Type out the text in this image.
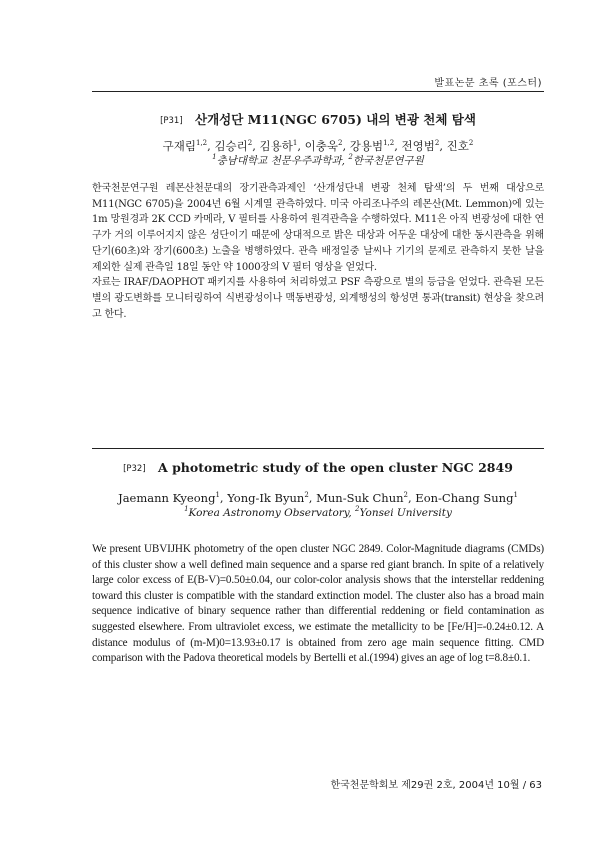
발표논문 초록 (포스터)
[P31] 산개성단 M11(NGC 6705) 내의 변광 천체 탐색
구재림$^{1,2}$, 김승리$^2$, 김용하$^1$, 이충욱$^2$, 강용범$^{1,2}$, 전영범$^2$, 진호$^2$
$^1$충남대학교 천문우주과학과, $^2$한국천문연구원

한국천문연구원 레몬산천문대의 장기관측과제인 ‘산개성단내 변광 천체 탐색’의 두 번째 대상으로 M11(NGC 6705)을 2004년 6월 시계열 관측하였다. 미국 아리조나주의 레몬산(Mt. Lemmon)에 있는 1m 망원경과 2K CCD 카메라, V 필터를 사용하여 원격관측을 수행하였다. M11은 아직 변광성에 대한 연구가 거의 이루어지지 않은 성단이기 때문에 상대적으로 밝은 대상과 어두운 대상에 대한 동시관측을 위해 단기(60초)와 장기(600초) 노출을 병행하였다. 관측 배정일중 날씨나 기기의 문제로 관측하지 못한 날을 제외한 실제 관측일 18일 동안 약 1000장의 V 필터 영상을 얻었다.

자료는 IRAF/DAOPHOT 패키지를 사용하여 처리하였고 PSF 측광으로 별의 등급을 얻었다. 관측된 모든 별의 광도변화를 모니터링하여 식변광성이나 맥동변광성, 외계행성의 항성면 통과(transit) 현상을 찾으려고 한다.

[P32] A photometric study of the open cluster NGC 2849
Jaemann Kyeong$^1$, Yong-Ik Byun$^2$, Mun-Suk Chun$^2$, Eon-Chang Sung$^1$
$^1$Korea Astronomy Observatory, $^2$Yonsei University

We present UBVIJHK photometry of the open cluster NGC 2849. Color-Magnitude diagrams (CMDs) of this cluster show a well defined main sequence and a sparse red giant branch. In spite of a relatively large color excess of E(B-V)=0.50±0.04, our color-color analysis shows that the interstellar reddening toward this cluster is compatible with the standard extinction model. The cluster also has a broad main sequence indicative of binary sequence rather than differential reddening or field contamination as suggested elsewhere. From ultraviolet excess, we estimate the metallicity to be [Fe/H]=-0.24±0.12. A distance modulus of (m-M)0=13.93±0.17 is obtained from zero age main sequence fitting. CMD comparison with the Padova theoretical models by Bertelli et al.(1994) gives an age of log t=8.8±0.1.

한국천문학회보 제29권 2호, 2004년 10월 / 63
